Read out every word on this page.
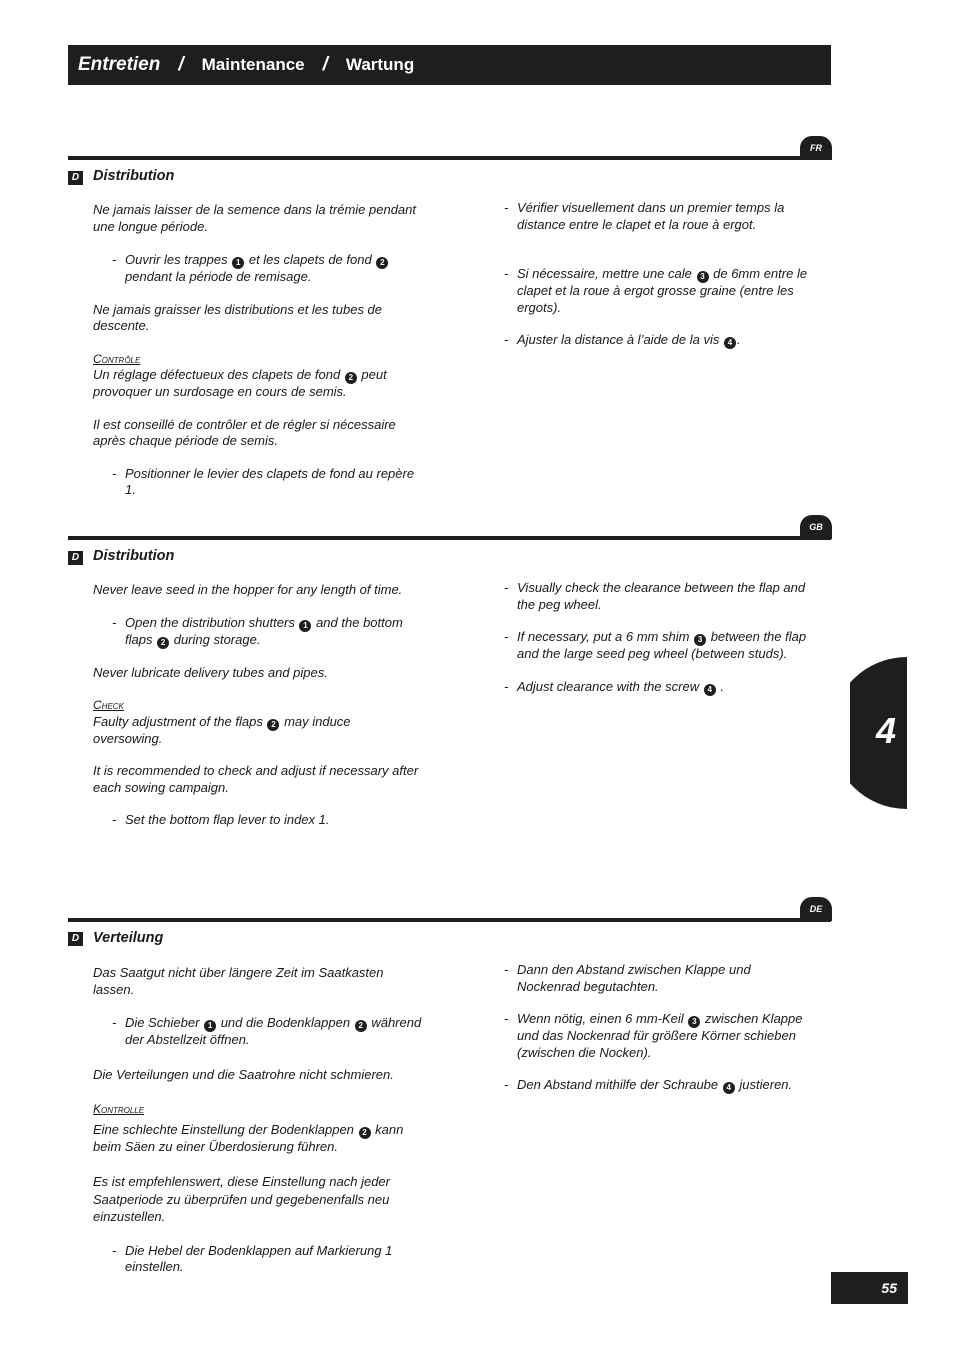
Entretien / Maintenance / Wartung
FR
D Distribution

Ne jamais laisser de la semence dans la trémie pendant une longue période.

- Ouvrir les trappes 1 et les clapets de fond 2 pendant la période de remisage.

Ne jamais graisser les distributions et les tubes de descente.

Contrôle

Un réglage défectueux des clapets de fond 2 peut provoquer un surdosage en cours de semis.

Il est conseillé de contrôler et de régler si nécessaire après chaque période de semis.

- Positionner le levier des clapets de fond au repère 1.

- Vérifier visuellement dans un premier temps la distance entre le clapet et la roue à ergot.

- Si nécessaire, mettre une cale 3 de 6mm entre le clapet et la roue à ergot grosse graine (entre les ergots).

- Ajuster la distance à l’aide de la vis 4 .

GB
D Distribution

Never leave seed in the hopper for any length of time.

- Open the distribution shutters 1 and the bottom flaps 2 during storage.

Never lubricate delivery tubes and pipes.

Check

Faulty adjustment of the flaps 2 may induce oversowing.

It is recommended to check and adjust if necessary after each sowing campaign.

- Set the bottom flap lever to index 1.

- Visually check the clearance between the flap and the peg wheel.

- If necessary, put a 6 mm shim 3 between the flap and the large seed peg wheel (between studs).

- Adjust clearance with the screw 4 .

DE
D Verteilung

Das Saatgut nicht über längere Zeit im Saatkasten lassen.

- Die Schieber 1 und die Bodenklappen 2 während der Abstellzeit öffnen.

Die Verteilungen und die Saatrohre nicht schmieren.

Kontrolle

Eine schlechte Einstellung der Bodenklappen 2 kann beim Säen zu einer Überdosierung führen.

Es ist empfehlenswert, diese Einstellung nach jeder Saatperiode zu überprüfen und gegebenenfalls neu einzustellen.

- Die Hebel der Bodenklappen auf Markierung 1 einstellen.

- Dann den Abstand zwischen Klappe und Nockenrad begutachten.

- Wenn nötig, einen 6 mm-Keil 3 zwischen Klappe und das Nockenrad für größere Körner schieben (zwischen die Nocken).

- Den Abstand mithilfe der Schraube 4 justieren.

4
55
